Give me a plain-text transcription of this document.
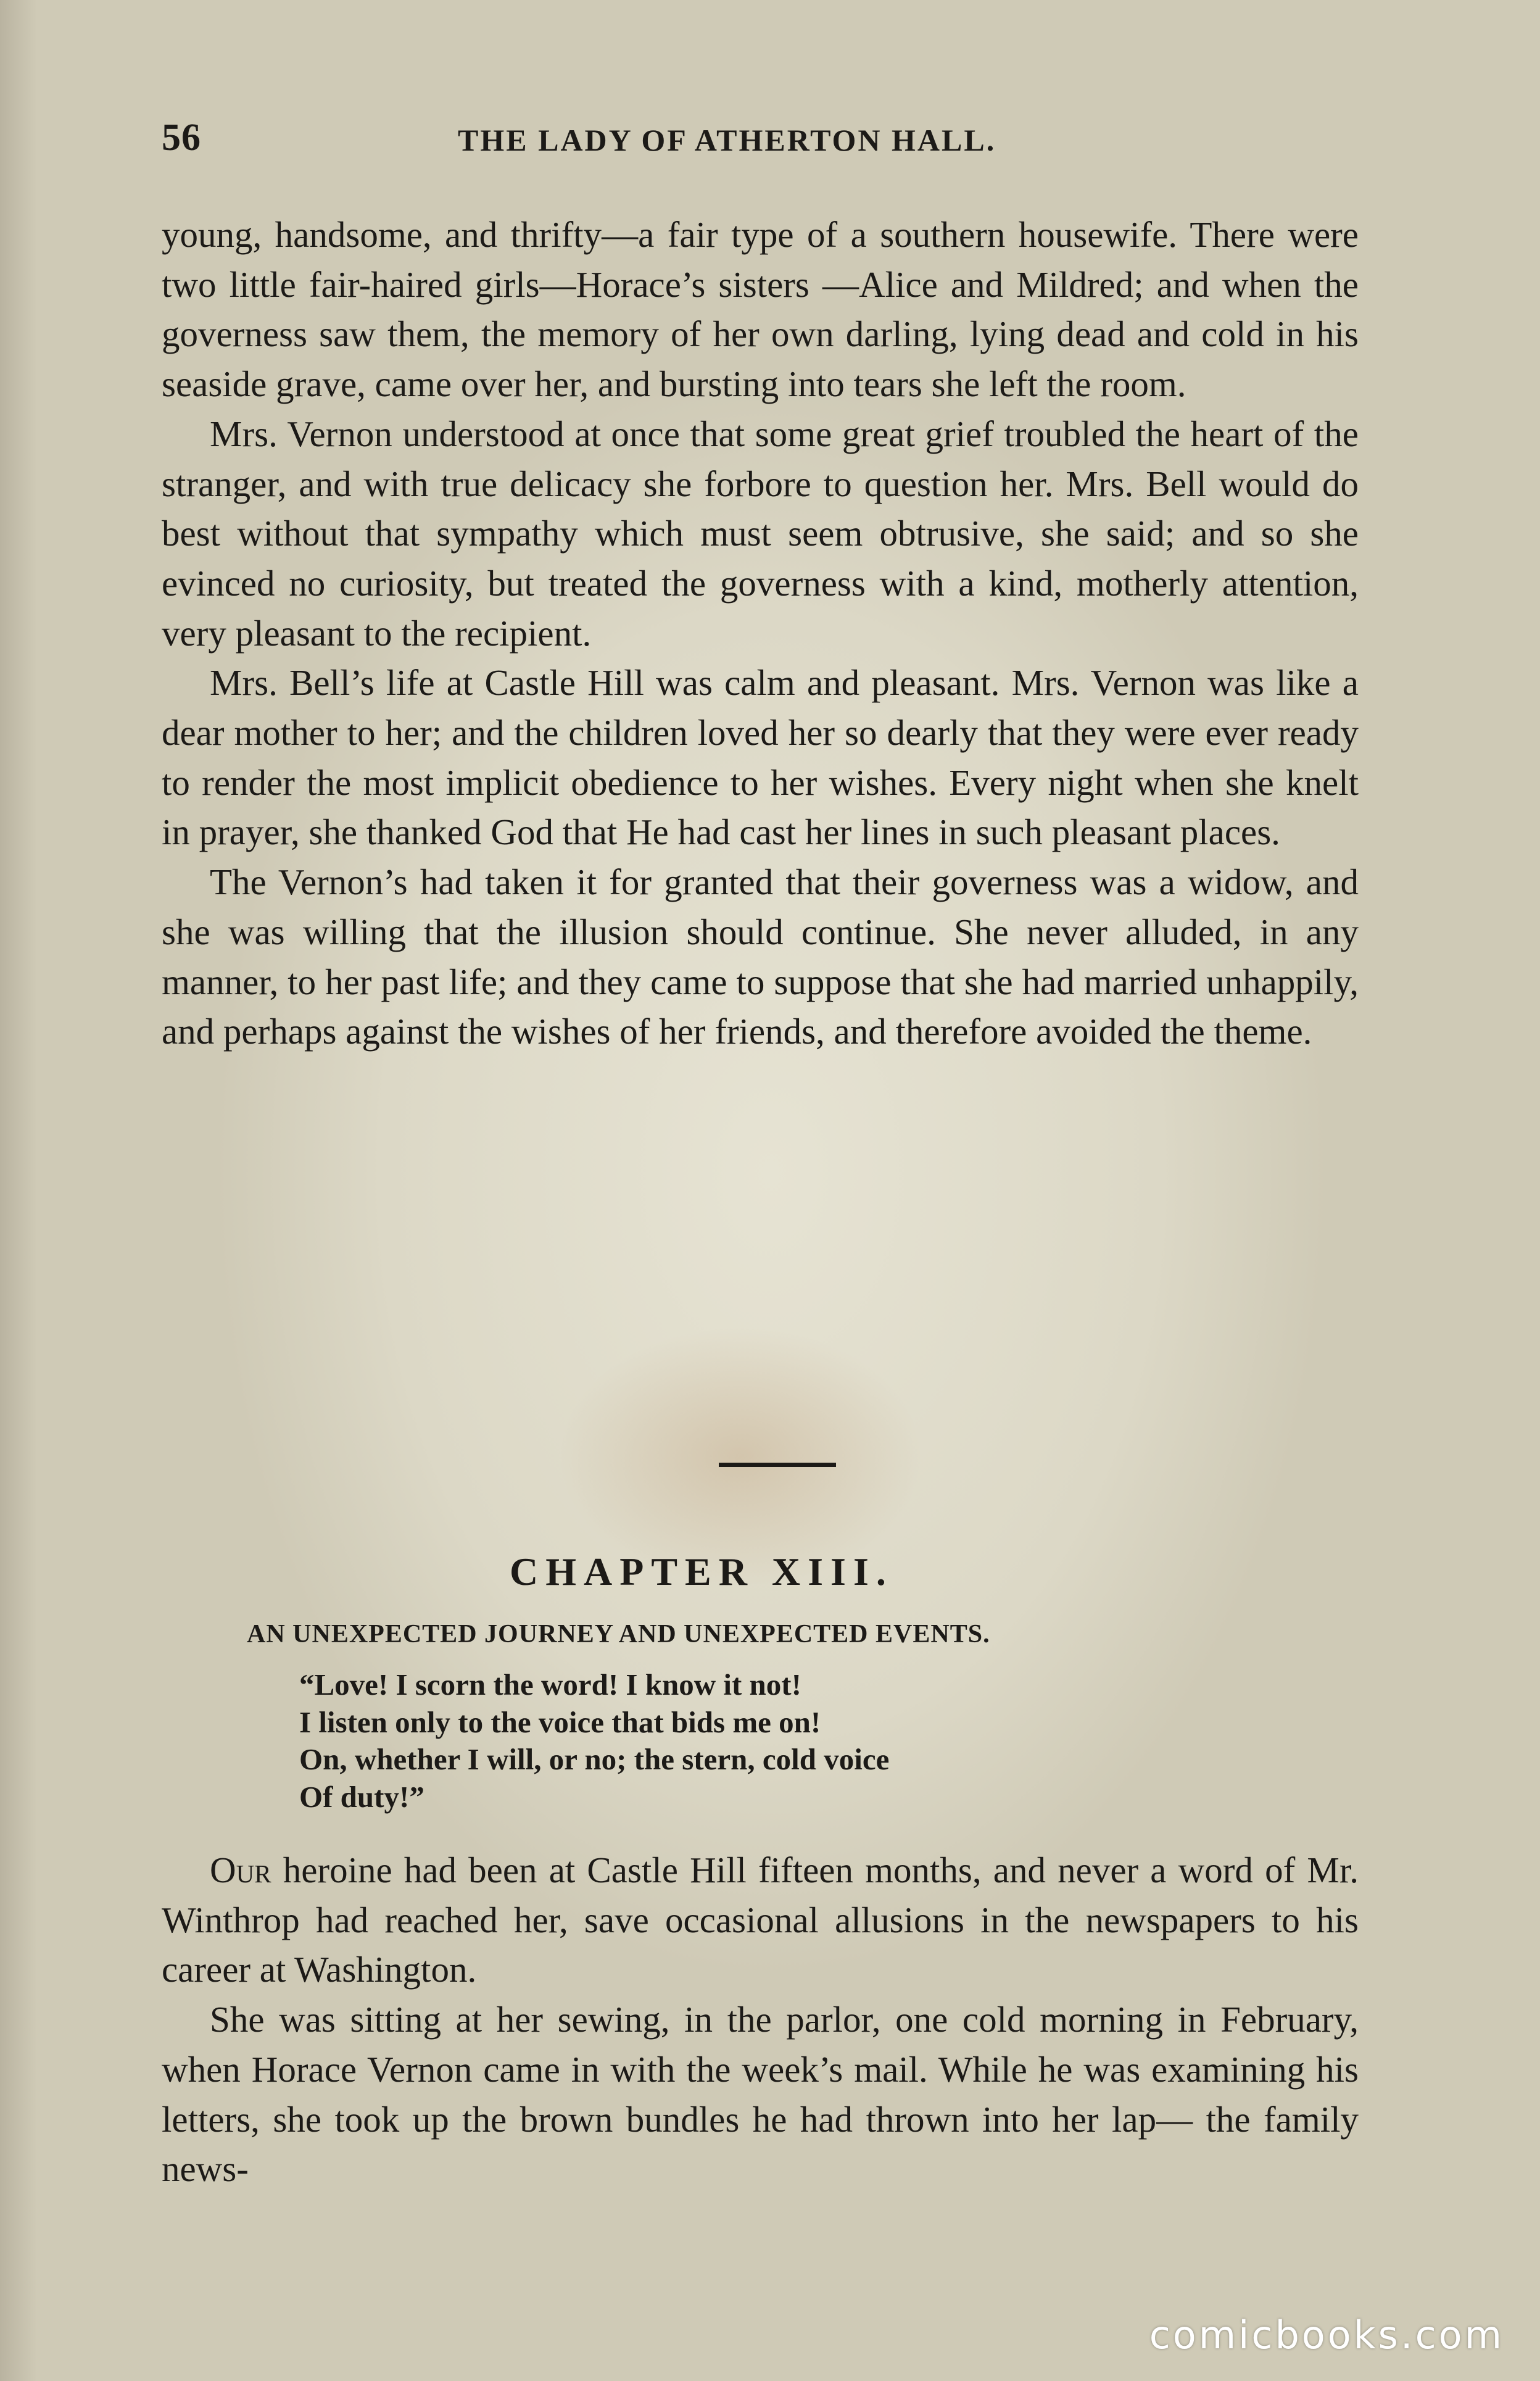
56	THE LADY OF ATHERTON HALL.

young, handsome, and thrifty—a fair type of a southern housewife. There were two little fair-haired girls—Horace’s sisters —Alice and Mildred; and when the governess saw them, the memory of her own darling, lying dead and cold in his seaside grave, came over her, and bursting into tears she left the room.

Mrs. Vernon understood at once that some great grief troubled the heart of the stranger, and with true delicacy she forbore to question her. Mrs. Bell would do best without that sympathy which must seem obtrusive, she said; and so she evinced no curiosity, but treated the governess with a kind, motherly attention, very pleasant to the recipient.

Mrs. Bell’s life at Castle Hill was calm and pleasant. Mrs. Vernon was like a dear mother to her; and the children loved her so dearly that they were ever ready to render the most implicit obedience to her wishes. Every night when she knelt in prayer, she thanked God that He had cast her lines in such pleasant places.

The Vernon’s had taken it for granted that their governess was a widow, and she was willing that the illusion should continue. She never alluded, in any manner, to her past life; and they came to suppose that she had married unhappily, and perhaps against the wishes of her friends, and therefore avoided the theme.

CHAPTER XIII.
AN UNEXPECTED JOURNEY AND UNEXPECTED EVENTS.
“Love! I scorn the word! I know it not!
I listen only to the voice that bids me on!
On, whether I will, or no; the stern, cold voice
Of duty!”

Our heroine had been at Castle Hill fifteen months, and never a word of Mr. Winthrop had reached her, save occasional allusions in the newspapers to his career at Washington.

She was sitting at her sewing, in the parlor, one cold morning in February, when Horace Vernon came in with the week’s mail. While he was examining his letters, she took up the brown bundles he had thrown into her lap— the family news-

comicbooks.com
